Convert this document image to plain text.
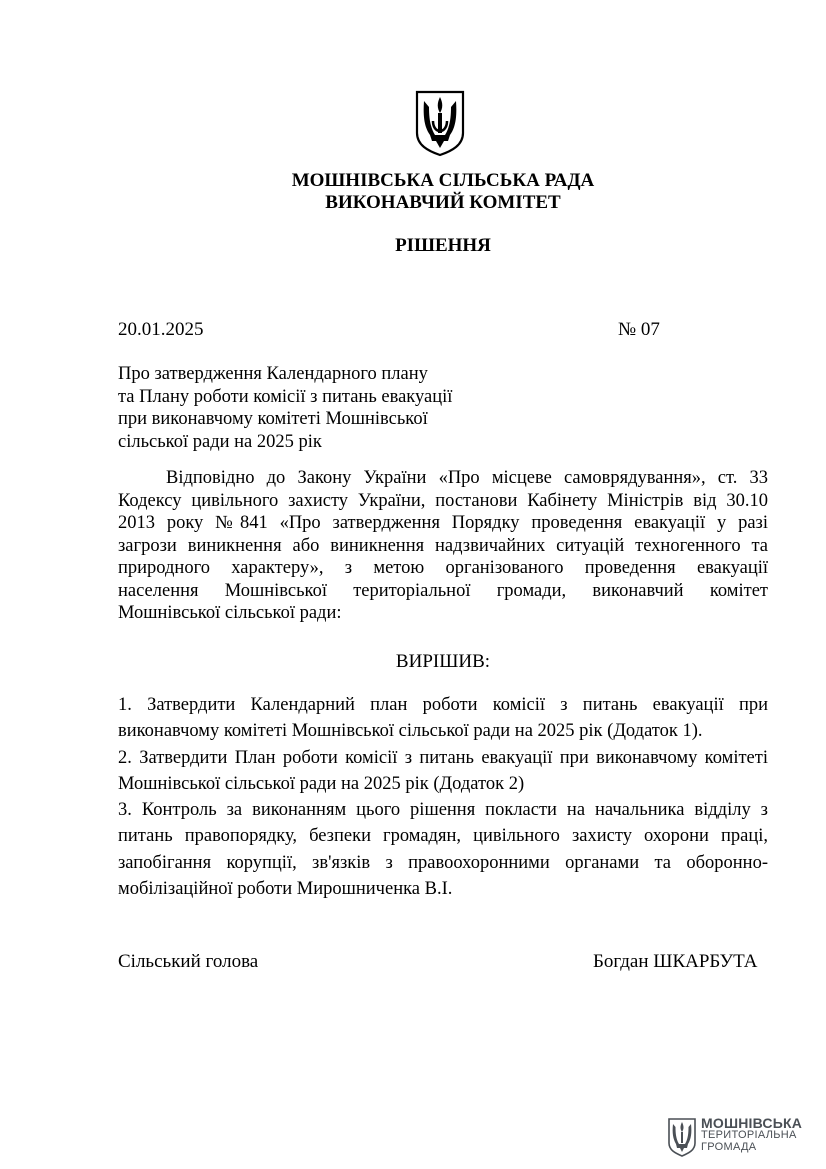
МОШНІВСЬКА СІЛЬСЬКА РАДА
ВИКОНАВЧИЙ КОМІТЕТ
РІШЕННЯ
20.01.2025	№ 07
Про затвердження Календарного плану
та Плану роботи комісії з питань евакуації
при виконавчому комітеті Мошнівської
сільської ради на 2025 рік
Відповідно до Закону України «Про місцеве самоврядування», ст. 33
Кодексу цивільного захисту України, постанови Кабінету Міністрів від 30.10
2013 року №841 «Про затвердження Порядку проведення евакуації у разі
загрози виникнення або виникнення надзвичайних ситуацій техногенного та
природного характеру», з метою організованого проведення евакуації
населення Мошнівської територіальної громади, виконавчий комітет
Мошнівської сільської ради:
ВИРІШИВ:
1. Затвердити Календарний план роботи комісії з питань евакуації при
виконавчому комітеті Мошнівської сільської ради на 2025 рік (Додаток 1).
2. Затвердити План роботи комісії з питань евакуації при виконавчому комітеті
Мошнівської сільської ради на 2025 рік (Додаток 2)
3. Контроль за виконанням цього рішення покласти на начальника відділу з
питань правопорядку, безпеки громадян, цивільного захисту охорони праці,
запобігання корупції, зв'язків з правоохоронними органами та оборонно-
мобілізаційної роботи Мирошниченка В.І.
Сільський голова	Богдан ШКАРБУТА
МОШНІВСЬКА
ТЕРИТОРІАЛЬНА
ГРОМАДА
